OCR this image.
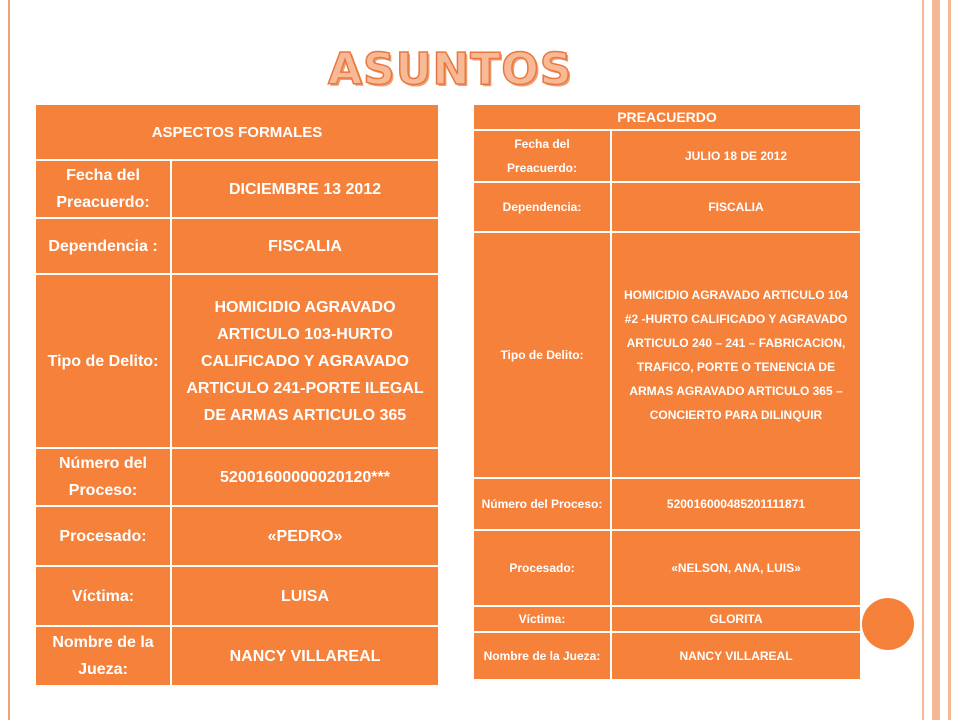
ASUNTOS
ASPECTOS FORMALES	
Fecha del Preacuerdo:	DICIEMBRE 13 2012
Dependencia :	FISCALIA
Tipo de Delito:	HOMICIDIO AGRAVADO ARTICULO 103-HURTO CALIFICADO Y AGRAVADO ARTICULO 241-PORTE ILEGAL DE ARMAS ARTICULO 365
Número del Proceso:	52001600000020120***
Procesado:	«PEDRO»
Víctima:	LUISA
Nombre de la Jueza:	NANCY VILLAREAL
PREACUERDO	
Fecha del Preacuerdo:	JULIO 18 DE 2012
Dependencia:	FISCALIA
Tipo de Delito:	HOMICIDIO AGRAVADO ARTICULO 104 #2 -HURTO CALIFICADO Y AGRAVADO ARTICULO 240 – 241 – FABRICACION, TRAFICO, PORTE O TENENCIA DE ARMAS AGRAVADO ARTICULO 365 – CONCIERTO PARA DILINQUIR
Número del Proceso:	520016000485201111871
Procesado:	«NELSON, ANA, LUIS»
Víctima:	GLORITA
Nombre de la Jueza:	NANCY VILLAREAL
